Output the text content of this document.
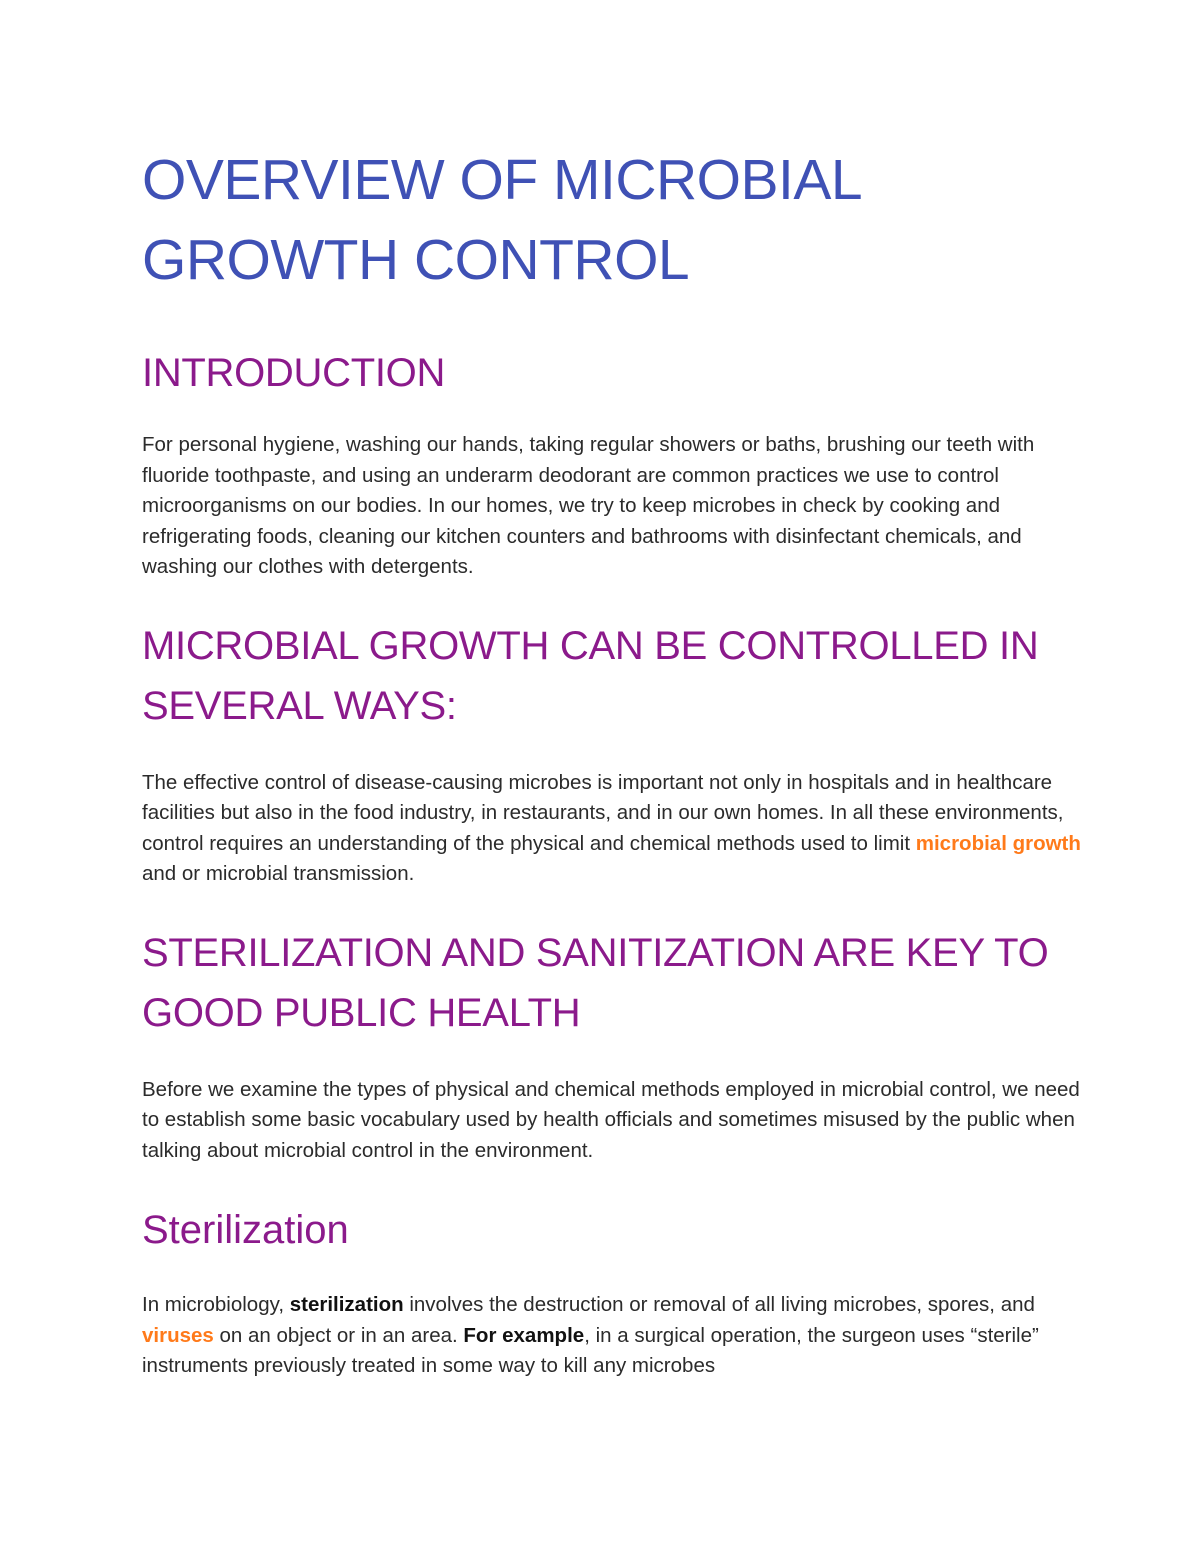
OVERVIEW OF MICROBIAL GROWTH CONTROL
INTRODUCTION

For personal hygiene, washing our hands, taking regular showers or baths, brushing our teeth with fluoride toothpaste, and using an underarm deodorant are common practices we use to control microorganisms on our bodies. In our homes, we try to keep microbes in check by cooking and refrigerating foods, cleaning our kitchen counters and bathrooms with disinfectant chemicals, and washing our clothes with detergents.

MICROBIAL GROWTH CAN BE CONTROLLED IN SEVERAL WAYS:

The effective control of disease-causing microbes is important not only in hospitals and in healthcare facilities but also in the food industry, in restaurants, and in our own homes. In all these environments, control requires an understanding of the physical and chemical methods used to limit microbial growth and or microbial transmission.

STERILIZATION AND SANITIZATION ARE KEY TO GOOD PUBLIC HEALTH

Before we examine the types of physical and chemical methods employed in microbial control, we need to establish some basic vocabulary used by health officials and sometimes misused by the public when talking about microbial control in the environment.

Sterilization

In microbiology, sterilization involves the destruction or removal of all living microbes, spores, and viruses on an object or in an area. For example, in a surgical operation, the surgeon uses “sterile” instruments previously treated in some way to kill any microbes
